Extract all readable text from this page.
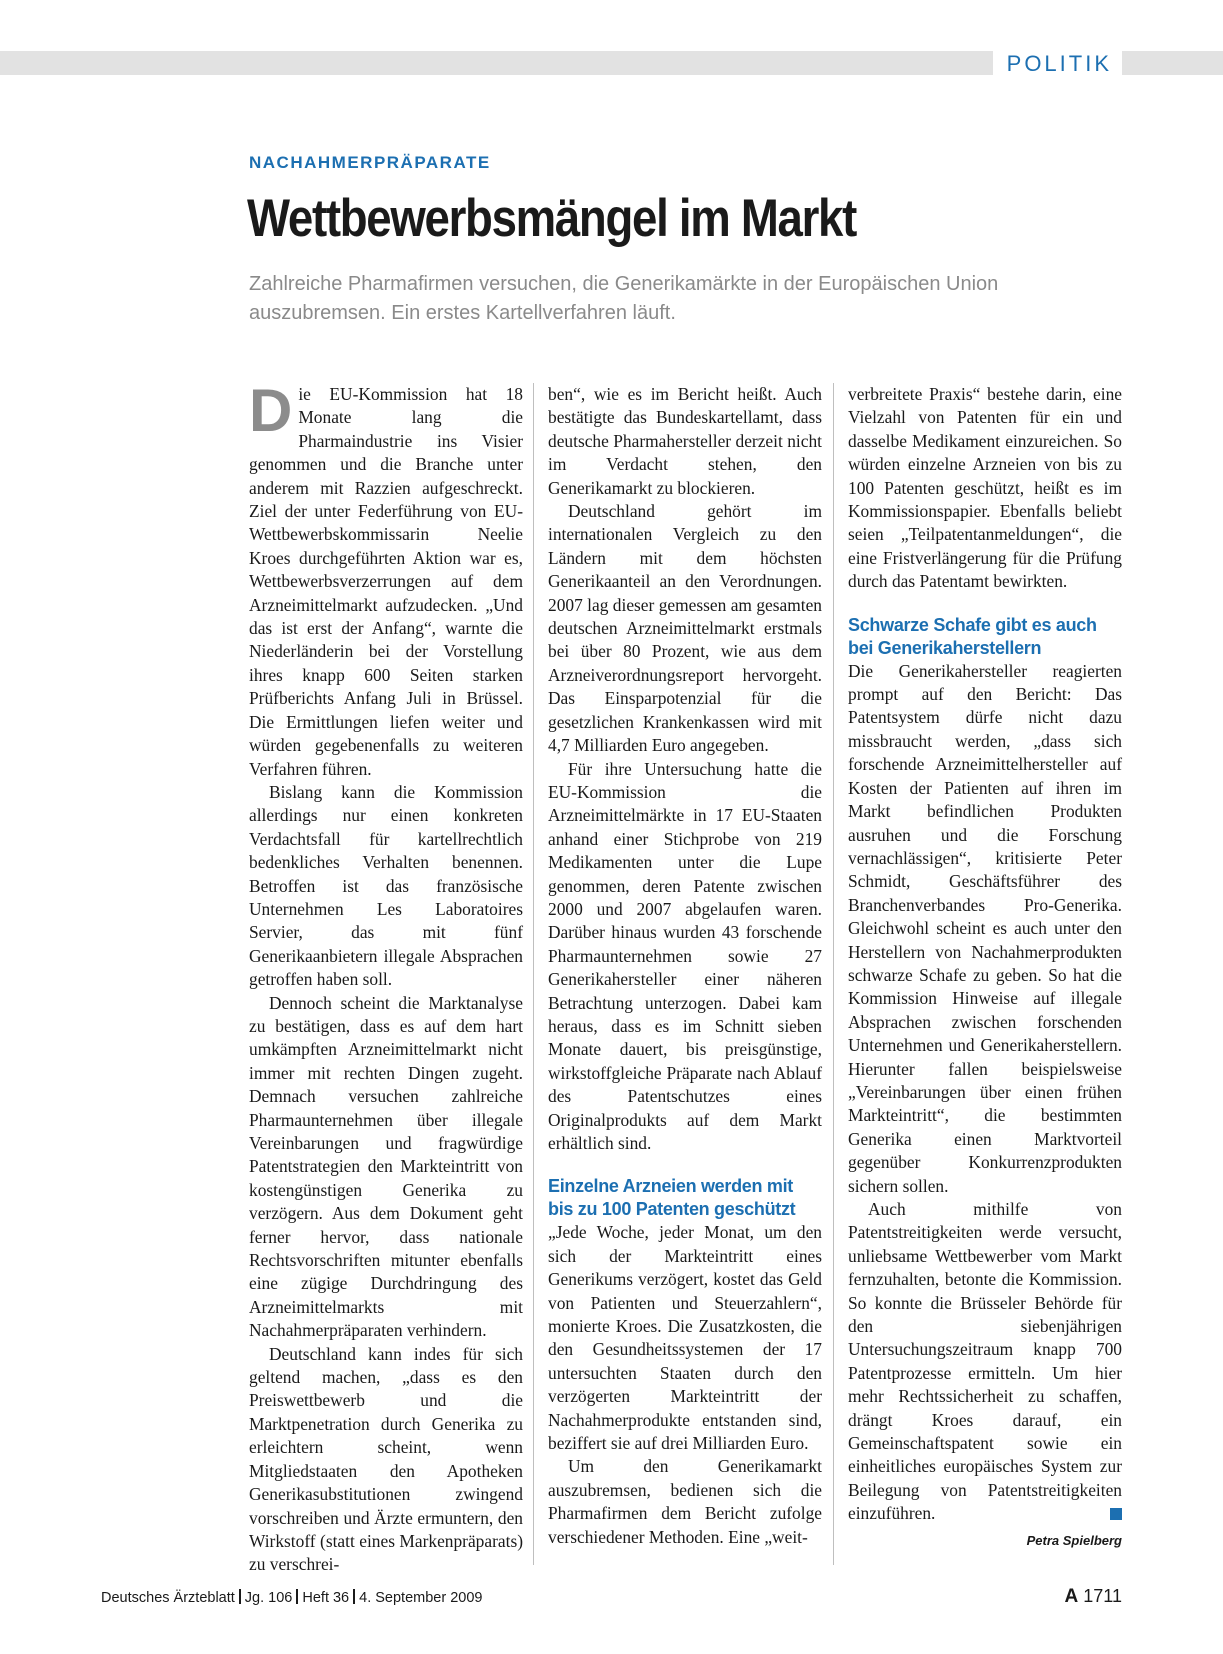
POLITIK
NACHAHMERPRÄPARATE
Wettbewerbsmängel im Markt
Zahlreiche Pharmafirmen versuchen, die Generikamärkte in der Europäischen Union auszubremsen. Ein erstes Kartellverfahren läuft.

Die EU-Kommission hat 18 Monate lang die Pharmaindustrie ins Visier genommen und die Branche unter anderem mit Razzien aufgeschreckt. Ziel der unter Federführung von EU-Wettbewerbskommissarin Neelie Kroes durchgeführten Aktion war es, Wettbewerbsverzerrungen auf dem Arzneimittelmarkt aufzudecken. „Und das ist erst der Anfang“, warnte die Niederländerin bei der Vorstellung ihres knapp 600 Seiten starken Prüfberichts Anfang Juli in Brüssel. Die Ermittlungen liefen weiter und würden gegebenenfalls zu weiteren Verfahren führen.

Bislang kann die Kommission allerdings nur einen konkreten Verdachtsfall für kartellrechtlich bedenkliches Verhalten benennen. Betroffen ist das französische Unternehmen Les Laboratoires Servier, das mit fünf Generikaanbietern illegale Absprachen getroffen haben soll.

Dennoch scheint die Marktanalyse zu bestätigen, dass es auf dem hart umkämpften Arzneimittelmarkt nicht immer mit rechten Dingen zugeht. Demnach versuchen zahlreiche Pharmaunternehmen über illegale Vereinbarungen und fragwürdige Patentstrategien den Markteintritt von kostengünstigen Generika zu verzögern. Aus dem Dokument geht ferner hervor, dass nationale Rechtsvorschriften mitunter ebenfalls eine zügige Durchdringung des Arzneimittelmarkts mit Nachahmerpräparaten verhindern.

Deutschland kann indes für sich geltend machen, „dass es den Preiswettbewerb und die Marktpenetration durch Generika zu erleichtern scheint, wenn Mitgliedstaaten den Apotheken Generikasubstitutionen zwingend vorschreiben und Ärzte ermuntern, den Wirkstoff (statt eines Markenpräparats) zu verschrei-

ben“, wie es im Bericht heißt. Auch bestätigte das Bundeskartellamt, dass deutsche Pharmahersteller derzeit nicht im Verdacht stehen, den Generikamarkt zu blockieren.

Deutschland gehört im internationalen Vergleich zu den Ländern mit dem höchsten Generikaanteil an den Verordnungen. 2007 lag dieser gemessen am gesamten deutschen Arzneimittelmarkt erstmals bei über 80 Prozent, wie aus dem Arzneiverordnungsreport hervorgeht. Das Einsparpotenzial für die gesetzlichen Krankenkassen wird mit 4,7 Milliarden Euro angegeben.

Für ihre Untersuchung hatte die EU-Kommission die Arzneimittelmärkte in 17 EU-Staaten anhand einer Stichprobe von 219 Medikamenten unter die Lupe genommen, deren Patente zwischen 2000 und 2007 abgelaufen waren. Darüber hinaus wurden 43 forschende Pharmaunternehmen sowie 27 Generikahersteller einer näheren Betrachtung unterzogen. Dabei kam heraus, dass es im Schnitt sieben Monate dauert, bis preisgünstige, wirkstoffgleiche Präparate nach Ablauf des Patentschutzes eines Originalprodukts auf dem Markt erhältlich sind.

Einzelne Arzneien werden mit bis zu 100 Patenten geschützt

„Jede Woche, jeder Monat, um den sich der Markteintritt eines Generikums verzögert, kostet das Geld von Patienten und Steuerzahlern“, monierte Kroes. Die Zusatzkosten, die den Gesundheitssystemen der 17 untersuchten Staaten durch den verzögerten Markteintritt der Nachahmerprodukte entstanden sind, beziffert sie auf drei Milliarden Euro.

Um den Generikamarkt auszubremsen, bedienen sich die Pharmafirmen dem Bericht zufolge verschiedener Methoden. Eine „weit-

verbreitete Praxis“ bestehe darin, eine Vielzahl von Patenten für ein und dasselbe Medikament einzureichen. So würden einzelne Arzneien von bis zu 100 Patenten geschützt, heißt es im Kommissionspapier. Ebenfalls beliebt seien „Teilpatentanmeldungen“, die eine Fristverlängerung für die Prüfung durch das Patentamt bewirkten.

Schwarze Schafe gibt es auch bei Generikaherstellern

Die Generikahersteller reagierten prompt auf den Bericht: Das Patentsystem dürfe nicht dazu missbraucht werden, „dass sich forschende Arzneimittelhersteller auf Kosten der Patienten auf ihren im Markt befindlichen Produkten ausruhen und die Forschung vernachlässigen“, kritisierte Peter Schmidt, Geschäftsführer des Branchenverbandes Pro-Generika. Gleichwohl scheint es auch unter den Herstellern von Nachahmerprodukten schwarze Schafe zu geben. So hat die Kommission Hinweise auf illegale Absprachen zwischen forschenden Unternehmen und Generikaherstellern. Hierunter fallen beispielsweise „Vereinbarungen über einen frühen Markteintritt“, die bestimmten Generika einen Marktvorteil gegenüber Konkurrenzprodukten sichern sollen.

Auch mithilfe von Patentstreitigkeiten werde versucht, unliebsame Wettbewerber vom Markt fernzuhalten, betonte die Kommission. So konnte die Brüsseler Behörde für den siebenjährigen Untersuchungszeitraum knapp 700 Patentprozesse ermitteln. Um hier mehr Rechtssicherheit zu schaffen, drängt Kroes darauf, ein Gemeinschaftspatent sowie ein einheitliches europäisches System zur Beilegung von Patentstreitigkeiten einzuführen.

Petra Spielberg
Deutsches Ärzteblatt Jg. 106 Heft 36 4. September 2009	A 1711
